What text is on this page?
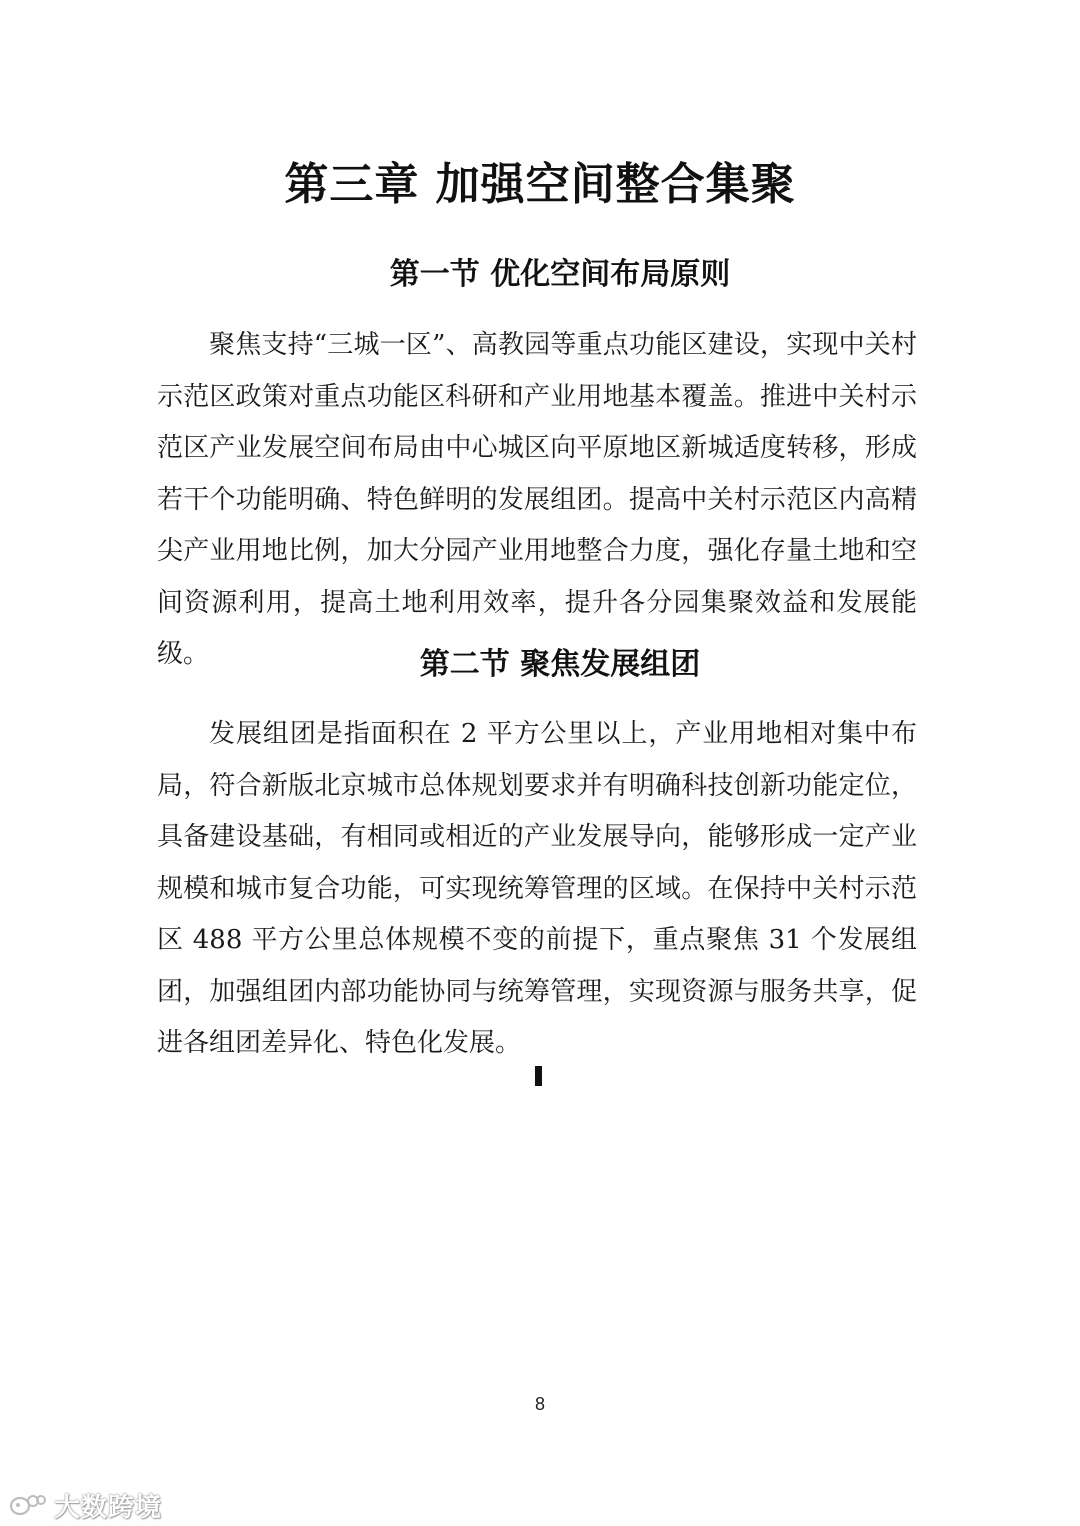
第三章 加强空间整合集聚
第一节 优化空间布局原则

聚焦支持“三城一区”、高教园等重点功能区建设，实现中关村示范区政策对重点功能区科研和产业用地基本覆盖。推进中关村示范区产业发展空间布局由中心城区向平原地区新城适度转移，形成若干个功能明确、特色鲜明的发展组团。提高中关村示范区内高精尖产业用地比例，加大分园产业用地整合力度，强化存量土地和空间资源利用，提高土地利用效率，提升各分园集聚效益和发展能级。	第二节 聚焦发展组团

发展组团是指面积在 2 平方公里以上，产业用地相对集中布局，符合新版北京城市总体规划要求并有明确科技创新功能定位，具备建设基础，有相同或相近的产业发展导向，能够形成一定产业规模和城市复合功能，可实现统筹管理的区域。在保持中关村示范区 488 平方公里总体规模不变的前提下，重点聚焦 31 个发展组团，加强组团内部功能协同与统筹管理，实现资源与服务共享，促进各组团差异化、特色化发展。

8
大数跨境
